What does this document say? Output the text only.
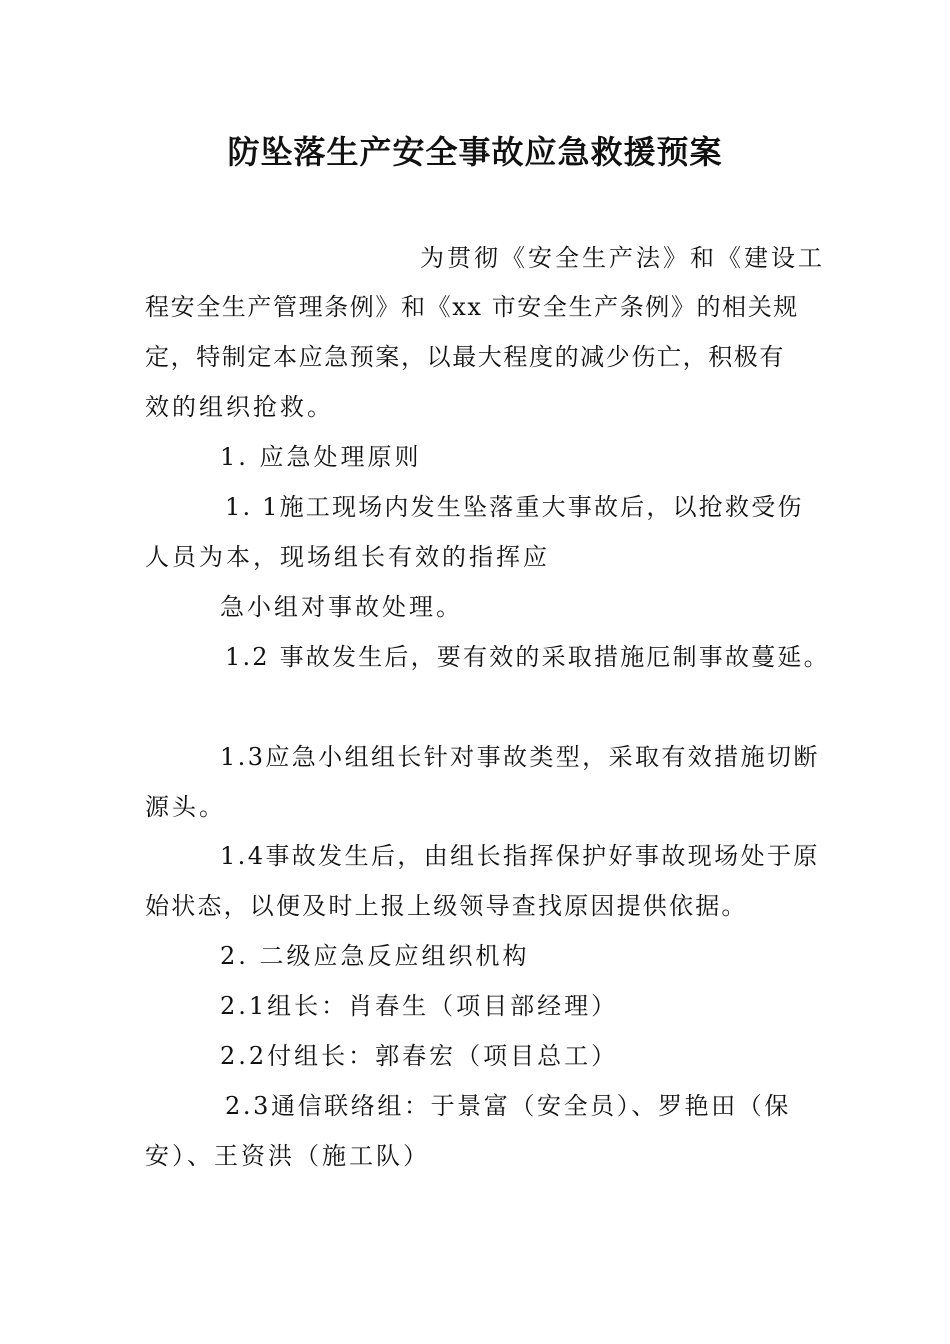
防坠落生产安全事故应急救援预案
为贯彻《安全生产法》和《建设工
程安全生产管理条例》和《xx 市安全生产条例》的相关规
定，特制定本应急预案，以最大程度的减少伤亡，积极有
效的组织抢救。
1. 应急处理原则
1. 1施工现场内发生坠落重大事故后，以抢救受伤
人员为本，现场组长有效的指挥应
急小组对事故处理。
1.2 事故发生后，要有效的采取措施厄制事故蔓延。
1.3应急小组组长针对事故类型，采取有效措施切断
源头。
1.4事故发生后，由组长指挥保护好事故现场处于原
始状态，以便及时上报上级领导查找原因提供依据。
2. 二级应急反应组织机构
2.1组长：肖春生（项目部经理）
2.2付组长：郭春宏（项目总工）
2.3通信联络组：于景富（安全员）、罗艳田（保
安）、王资洪（施工队）
